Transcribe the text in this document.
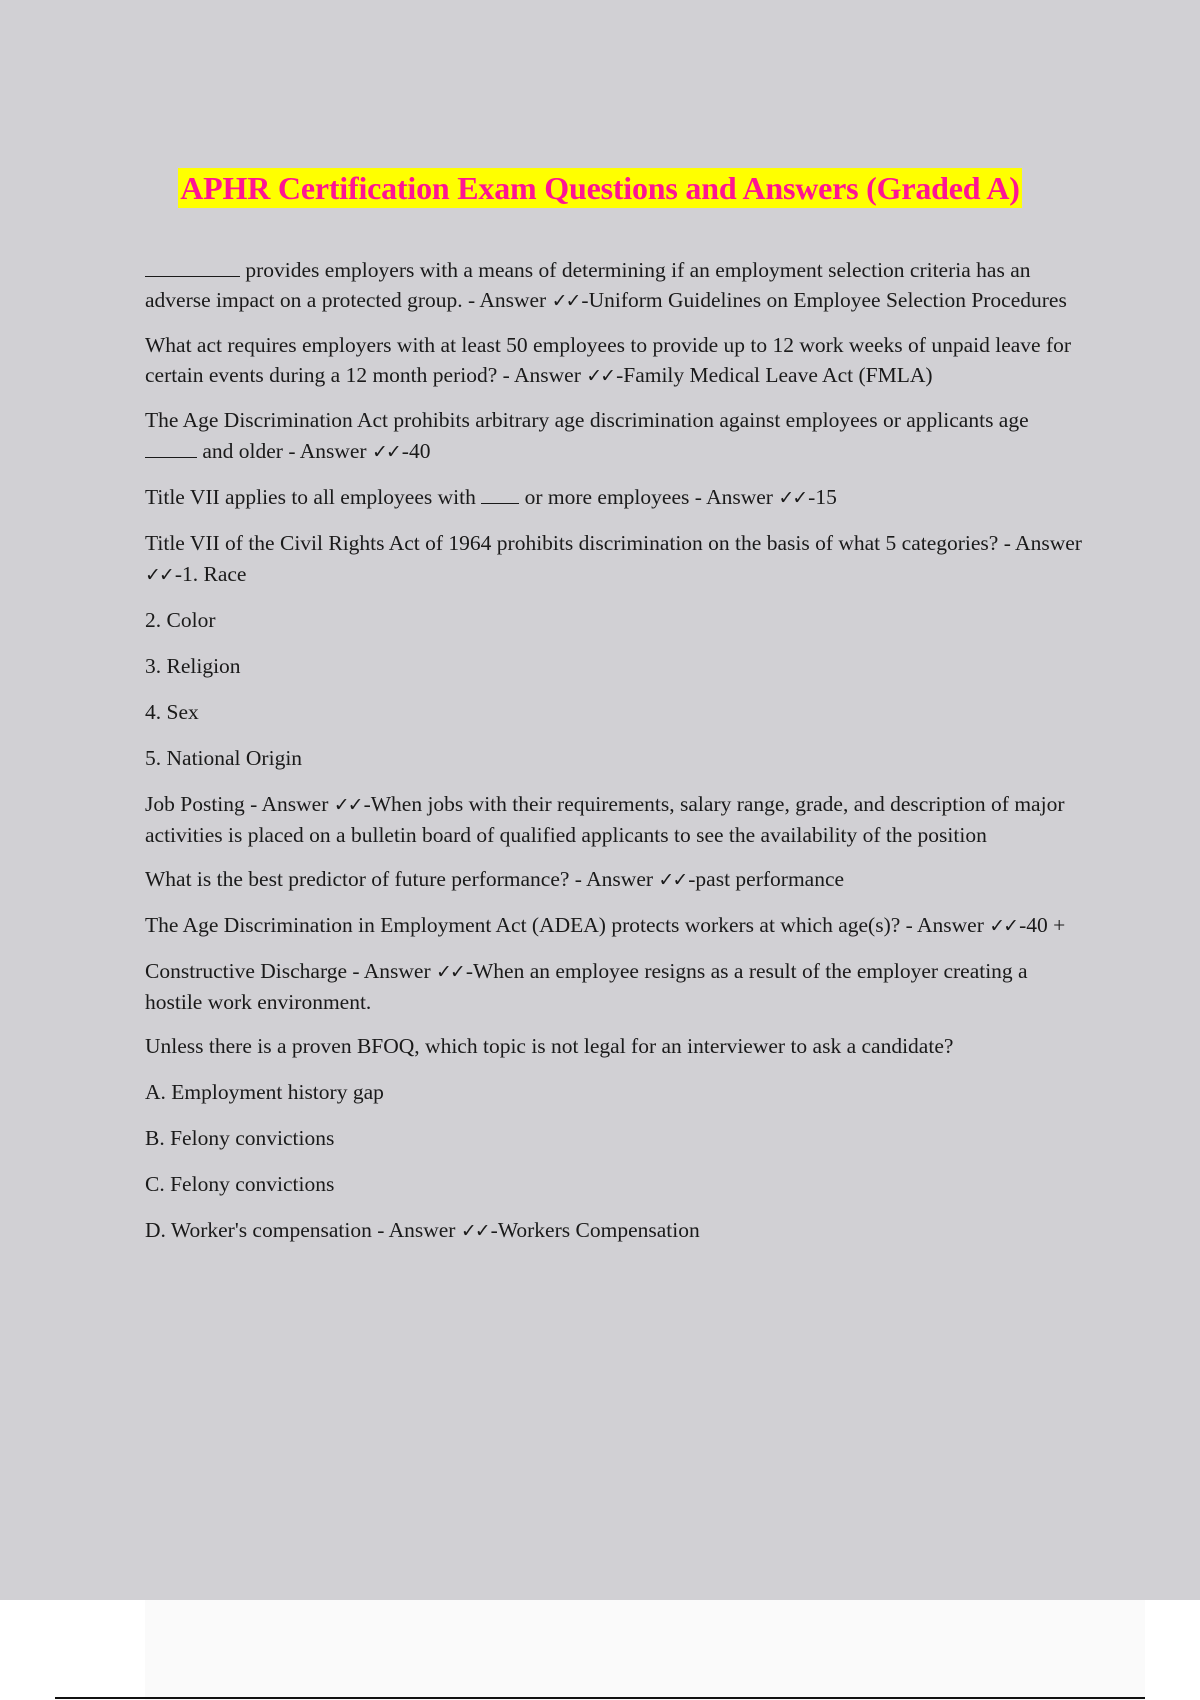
APHR Certification Exam Questions and Answers (Graded A)

provides employers with a means of determining if an employment selection criteria has an adverse impact on a protected group. - Answer ✓✓-Uniform Guidelines on Employee Selection Procedures

What act requires employers with at least 50 employees to provide up to 12 work weeks of unpaid leave for certain events during a 12 month period? - Answer ✓✓-Family Medical Leave Act (FMLA)

The Age Discrimination Act prohibits arbitrary age discrimination against employees or applicants age  and older - Answer ✓✓-40

Title VII applies to all employees with  or more employees - Answer ✓✓-15

Title VII of the Civil Rights Act of 1964 prohibits discrimination on the basis of what 5 categories? - Answer ✓✓-1. Race

2. Color

3. Religion

4. Sex

5. National Origin

Job Posting - Answer ✓✓-When jobs with their requirements, salary range, grade, and description of major activities is placed on a bulletin board of qualified applicants to see the availability of the position

What is the best predictor of future performance? - Answer ✓✓-past performance

The Age Discrimination in Employment Act (ADEA) protects workers at which age(s)? - Answer ✓✓-40 +

Constructive Discharge - Answer ✓✓-When an employee resigns as a result of the employer creating a hostile work environment.

Unless there is a proven BFOQ, which topic is not legal for an interviewer to ask a candidate?

A. Employment history gap

B. Felony convictions

C. Felony convictions

D. Worker's compensation - Answer ✓✓-Workers Compensation
